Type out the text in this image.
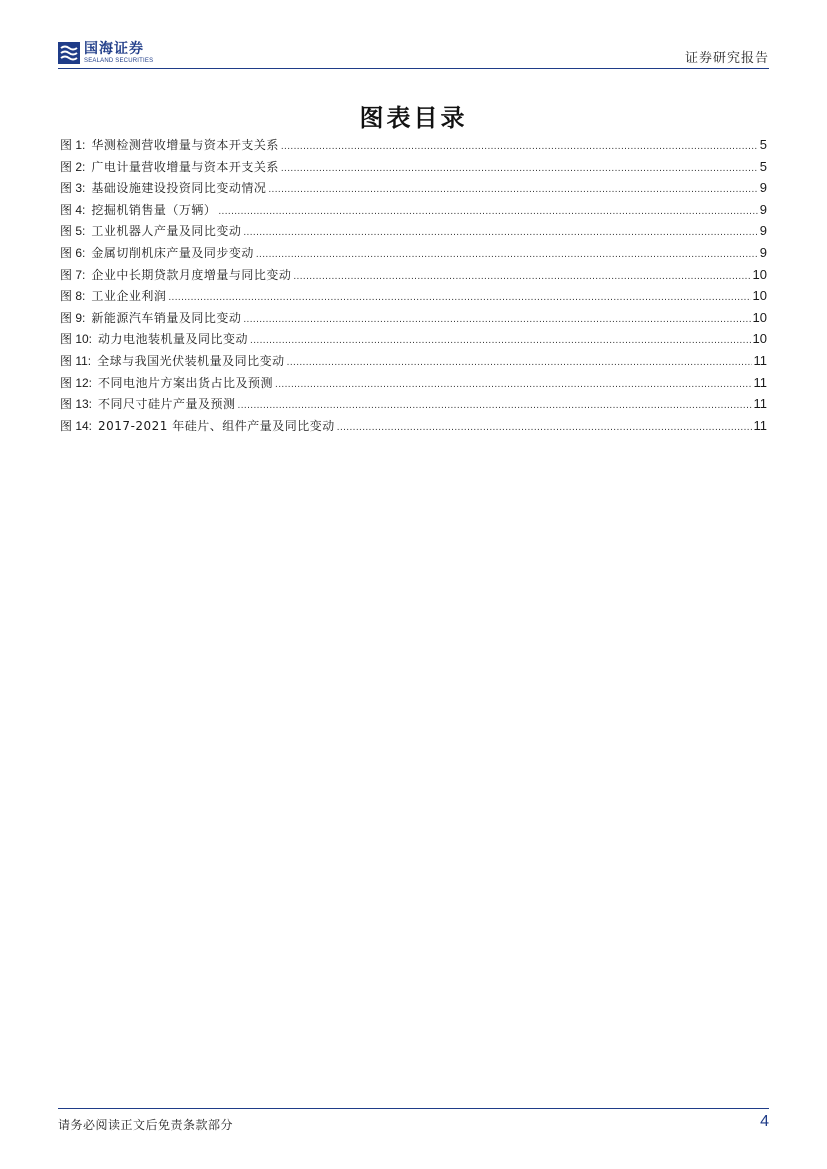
国海证券
SEALAND SECURITIES	证券研究报告
图表目录
图 1: 华测检测营收增量与资本开支关系 .....	5
图 2: 广电计量营收增量与资本开支关系 .....	5
图 3: 基础设施建设投资同比变动情况 .....	9
图 4: 挖掘机销售量（万辆） .....	9
图 5: 工业机器人产量及同比变动 .....	9
图 6: 金属切削机床产量及同步变动 .....	9
图 7: 企业中长期贷款月度增量与同比变动 .....	10
图 8: 工业企业利润 .....	10
图 9: 新能源汽车销量及同比变动 .....	10
图 10: 动力电池装机量及同比变动 .....	10
图 11: 全球与我国光伏装机量及同比变动 .....	11
图 12: 不同电池片方案出货占比及预测 .....	11
图 13: 不同尺寸硅片产量及预测 .....	11
图 14: 2017-2021 年硅片、组件产量及同比变动 .....	11
请务必阅读正文后免责条款部分	4
